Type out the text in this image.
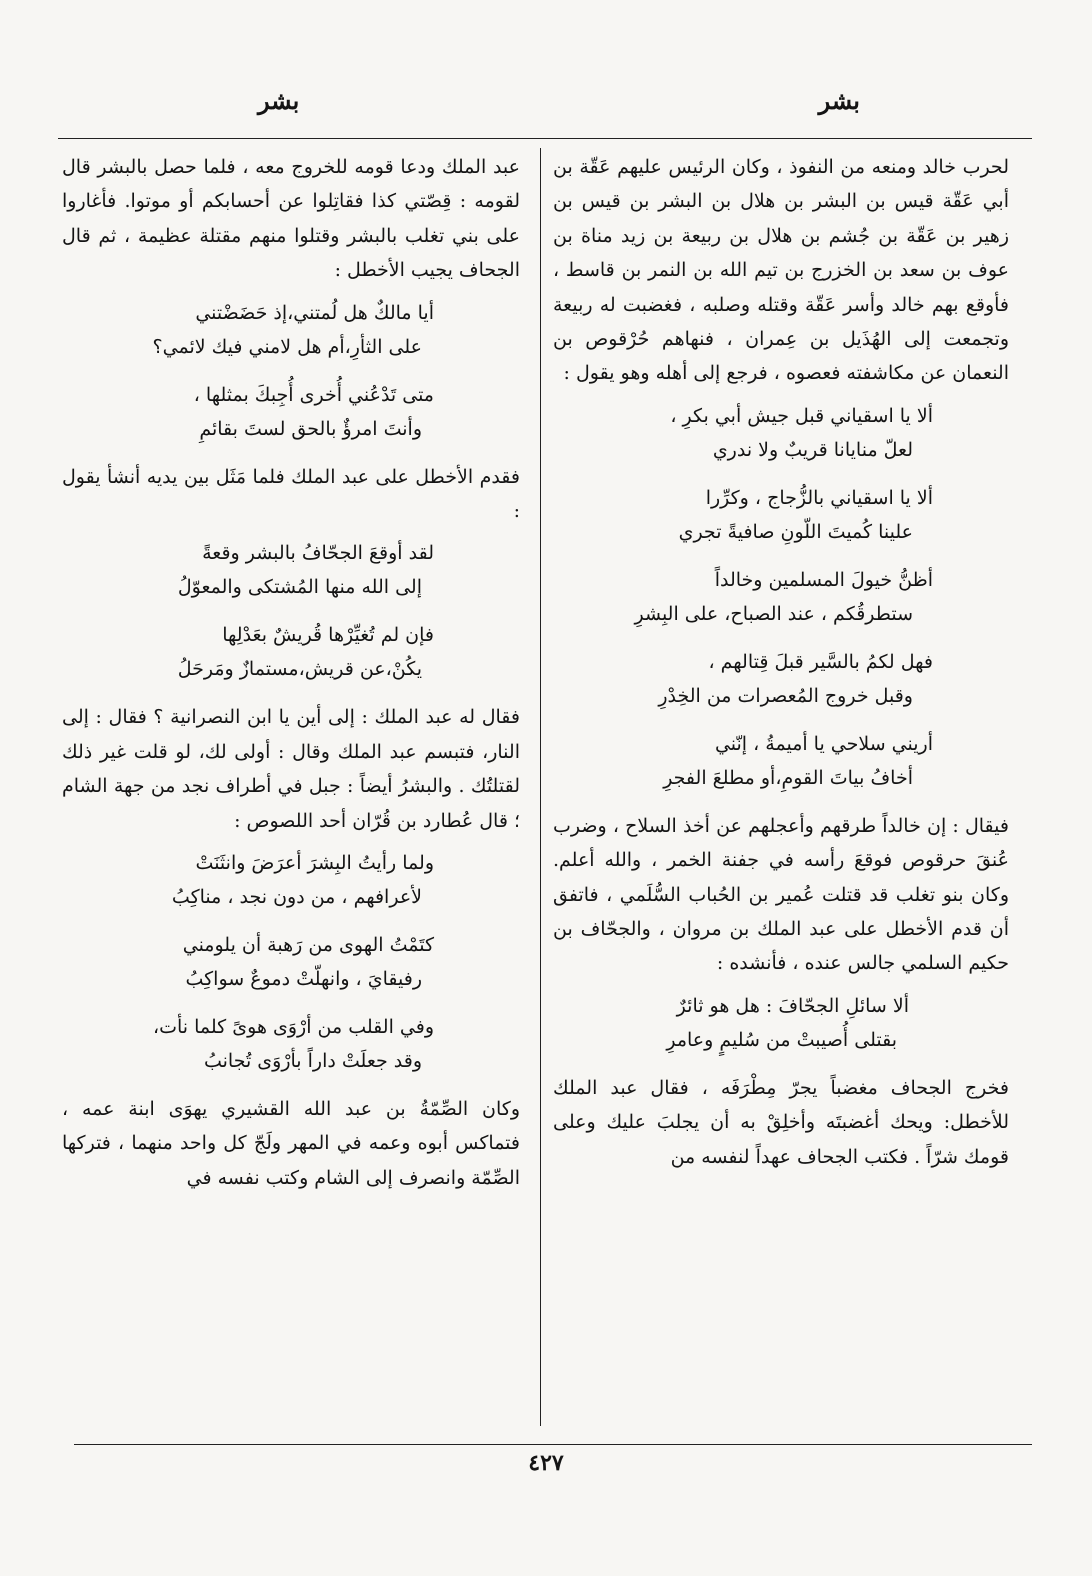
بشر
بشر

لحرب خالد ومنعه من النفوذ ، وكان الرئيس عليهم عَقّة بن أبي عَقّة قيس بن البشر بن هلال بن البشر بن قيس بن زهير بن عَقّة بن جُشم بن هلال بن ربيعة بن زيد مناة بن عوف بن سعد بن الخزرج بن تيم الله بن النمر بن قاسط ، فأوقع بهم خالد وأسر عَقّة وقتله وصلبه ، فغضبت له ربيعة وتجمعت إلى الهُذَيل بن عِمران ، فنهاهم حُرْقوص بن النعمان عن مكاشفته فعصوه ، فرجع إلى أهله وهو يقول :

ألا يا اسقياني قبل جيش أبي بكرِ ،
لعلّ منايانا قريبٌ ولا ندري
ألا يا اسقياني بالزُّجاج ، وكرِّرا
علينا كُميتَ اللّونِ صافيةً تجري
أظنُّ خيولَ المسلمين وخالداً
ستطرقُكم ، عند الصباح، على البِشرِ
فهل لكمُ بالسَّير قبلَ قِتالهم ،
وقبل خروج المُعصرات من الخِدْرِ
أريني سلاحي يا أميمةُ ، إنّني
أخافُ بياتَ القومِ،أو مطلعَ الفجرِ

فيقال : إن خالداً طرقهم وأعجلهم عن أخذ السلاح ، وضرب عُنقَ حرقوص فوقعَ رأسه في جفنة الخمر ، والله أعلم. وكان بنو تغلب قد قتلت عُمير بن الحُباب السُّلَمي ، فاتفق أن قدم الأخطل على عبد الملك بن مروان ، والجحّاف بن حكيم السلمي جالس عنده ، فأنشده :

ألا سائلِ الجحّافَ : هل هو ثائرٌ
بقتلى أُصيبتْ من سُليمٍ وعامرِ

فخرج الجحاف مغضباً يجرّ مِطْرَفَه ، فقال عبد الملك للأخطل: ويحك أغضبتَه وأخلِقْ به أن يجلبَ عليك وعلى قومك شرّاً . فكتب الجحاف عهداً لنفسه من

عبد الملك ودعا قومه للخروج معه ، فلما حصل بالبشر قال لقومه : قِصّتي كذا فقاتِلوا عن أحسابكم أو موتوا. فأغاروا على بني تغلب بالبشر وقتلوا منهم مقتلة عظيمة ، ثم قال الجحاف يجيب الأخطل :

أيا مالكٌ هل لُمتني،إذ حَضَضْتني
على الثأرِ،أم هل لامني فيك لائمي؟
متى تَدْعُني أُخرى أُجِبكَ بمثلها ،
وأنتَ امرؤٌ بالحق لستَ بقائمِ

فقدم الأخطل على عبد الملك فلما مَثَل بين يديه أنشأ يقول :

لقد أوقعَ الجحّافُ بالبشر وقعةً
إلى الله منها المُشتكى والمعوّلُ
فإن لم تُغيِّرْها قُريشٌ بعَدْلِها
يكُنْ،عن قريش،مستمازٌ ومَرحَلُ

فقال له عبد الملك : إلى أين يا ابن النصرانية ؟ فقال : إلى النار، فتبسم عبد الملك وقال : أولى لك، لو قلت غير ذلك لقتلتُك . والبشرُ أيضاً : جبل في أطراف نجد من جهة الشام ؛ قال عُطارد بن قُرّان أحد اللصوص :

ولما رأيتُ البِشرَ أعرَضَ وانثَنَتْ
لأعرافهم ، من دون نجد ، مناكِبُ
كتَمْتُ الهوى من رَهبة أن يلومني
رفيقايَ ، وانهلّتْ دموعٌ سواكِبُ
وفي القلب من أرْوَى هوىً كلما نأت،
وقد جعلَتْ داراً بأرْوَى تُجانبُ

وكان الصِّمّةُ بن عبد الله القشيري يهوَى ابنة عمه ، فتماكس أبوه وعمه في المهر ولَجّ كل واحد منهما ، فتركها الصِّمّة وانصرف إلى الشام وكتب نفسه في

٤٢٧
